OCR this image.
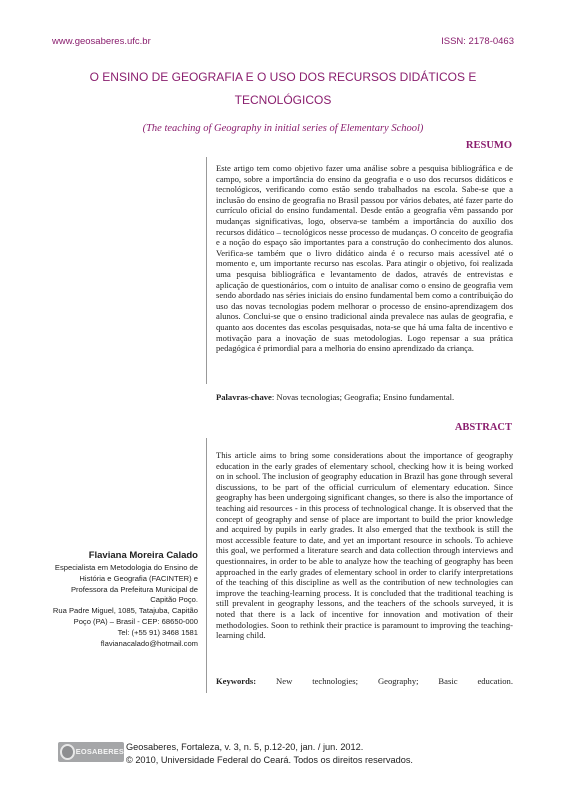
www.geosaberes.ufc.br	ISSN: 2178-0463
O ENSINO DE GEOGRAFIA E O USO DOS RECURSOS DIDÁTICOS E
TECNOLÓGICOS
(The teaching of Geography in initial series of Elementary School)
RESUMO

Este artigo tem como objetivo fazer uma análise sobre a pesquisa bibliográfica e de campo, sobre a importância do ensino da geografia e o uso dos recursos didáticos e tecnológicos, verificando como estão sendo trabalhados na escola. Sabe-se que a inclusão do ensino de geografia no Brasil passou por vários debates, até fazer parte do currículo oficial do ensino fundamental. Desde então a geografia vêm passando por mudanças significativas, logo, observa-se também a importância do auxílio dos recursos didático – tecnológicos nesse processo de mudanças. O conceito de geografia e a noção do espaço são importantes para a construção do conhecimento dos alunos. Verifica-se também que o livro didático ainda é o recurso mais acessível até o momento e, um importante recurso nas escolas. Para atingir o objetivo, foi realizada uma pesquisa bibliográfica e levantamento de dados, através de entrevistas e aplicação de questionários, com o intuito de analisar como o ensino de geografia vem sendo abordado nas séries iniciais do ensino fundamental bem como a contribuição do uso das novas tecnologias podem melhorar o processo de ensino-aprendizagem dos alunos. Conclui-se que o ensino tradicional ainda prevalece nas aulas de geografia, e quanto aos docentes das escolas pesquisadas, nota-se que há uma falta de incentivo e motivação para a inovação de suas metodologias. Logo repensar a sua prática pedagógica é primordial para a melhoria do ensino aprendizado da criança.

Palavras-chave: Novas tecnologias; Geografia; Ensino fundamental.

ABSTRACT

This article aims to bring some considerations about the importance of geography education in the early grades of elementary school, checking how it is being worked on in school. The inclusion of geography education in Brazil has gone through several discussions, to be part of the official curriculum of elementary education. Since geography has been undergoing significant changes, so there is also the importance of teaching aid resources - in this process of technological change. It is observed that the concept of geography and sense of place are important to build the prior knowledge and acquired by pupils in early grades. It also emerged that the textbook is still the most accessible feature to date, and yet an important resource in schools. To achieve this goal, we performed a literature search and data collection through interviews and questionnaires, in order to be able to analyze how the teaching of geography has been approached in the early grades of elementary school in order to clarify interpretations of the teaching of this discipline as well as the contribution of new technologies can improve the teaching-learning process. It is concluded that the traditional teaching is still prevalent in geography lessons, and the teachers of the schools surveyed, it is noted that there is a lack of incentive for innovation and motivation of their methodologies. Soon to rethink their practice is paramount to improving the teaching-learning child.

Keywords: New technologies; Geography; Basic education.

Flaviana Moreira Calado
Especialista em Metodologia do Ensino de
História e Geografia (FACINTER) e
Professora da Prefeitura Municipal de
Capitão Poço.
Rua Padre Miguel, 1085, Tatajuba, Capitão
Poço (PA) – Brasil - CEP: 68650-000
Tel: (+55 91) 3468 1581
flavianacalado@hotmail.com
EOSABERES Geosaberes, Fortaleza, v. 3, n. 5, p.12-20, jan. / jun. 2012.
© 2010, Universidade Federal do Ceará. Todos os direitos reservados.
